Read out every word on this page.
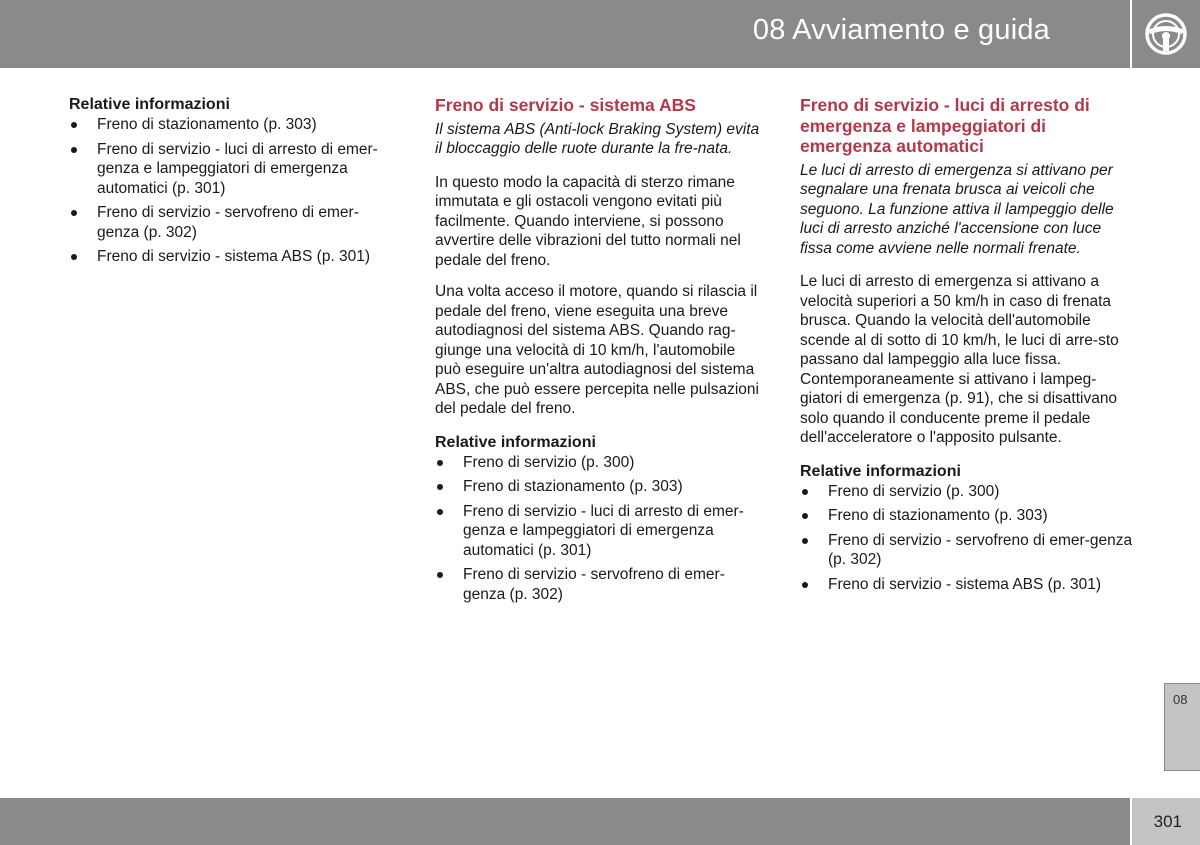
08 Avviamento e guida
Relative informazioni
Freno di stazionamento (p. 303)
Freno di servizio - luci di arresto di emer-genza e lampeggiatori di emergenza automatici (p. 301)
Freno di servizio - servofreno di emer-genza (p. 302)
Freno di servizio - sistema ABS (p. 301)
Freno di servizio - sistema ABS

Il sistema ABS (Anti-lock Braking System) evita il bloccaggio delle ruote durante la fre-nata.

In questo modo la capacità di sterzo rimane immutata e gli ostacoli vengono evitati più facilmente. Quando interviene, si possono avvertire delle vibrazioni del tutto normali nel pedale del freno.

Una volta acceso il motore, quando si rilascia il pedale del freno, viene eseguita una breve autodiagnosi del sistema ABS. Quando rag-giunge una velocità di 10 km/h, l'automobile può eseguire un'altra autodiagnosi del sistema ABS, che può essere percepita nelle pulsazioni del pedale del freno.

Relative informazioni
Freno di servizio (p. 300)
Freno di stazionamento (p. 303)
Freno di servizio - luci di arresto di emer-genza e lampeggiatori di emergenza automatici (p. 301)
Freno di servizio - servofreno di emer-genza (p. 302)
Freno di servizio - luci di arresto di emergenza e lampeggiatori di emergenza automatici

Le luci di arresto di emergenza si attivano per segnalare una frenata brusca ai veicoli che seguono. La funzione attiva il lampeggio delle luci di arresto anziché l'accensione con luce fissa come avviene nelle normali frenate.

Le luci di arresto di emergenza si attivano a velocità superiori a 50 km/h in caso di frenata brusca. Quando la velocità dell'automobile scende al di sotto di 10 km/h, le luci di arre-sto passano dal lampeggio alla luce fissa. Contemporaneamente si attivano i lampeg-giatori di emergenza (p. 91), che si disattivano solo quando il conducente preme il pedale dell'acceleratore o l'apposito pulsante.

Relative informazioni
Freno di servizio (p. 300)
Freno di stazionamento (p. 303)
Freno di servizio - servofreno di emer-genza (p. 302)
Freno di servizio - sistema ABS (p. 301)
08
301
